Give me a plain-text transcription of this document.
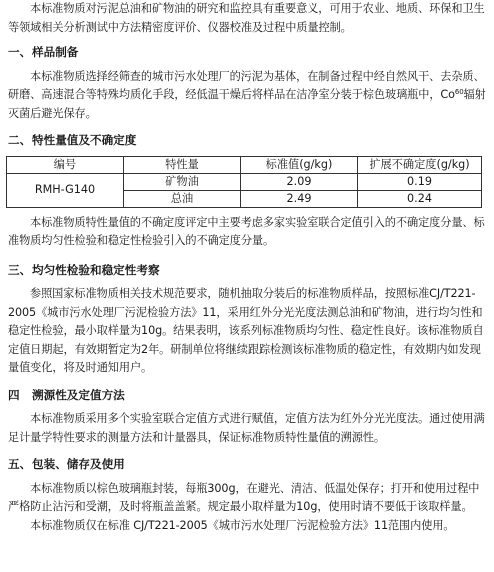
本标准物质对污泥总油和矿物油的研究和监控具有重要意义，可用于农业、地质、环保和卫生等领域相关分析测试中方法精密度评价、仪器校准及过程中质量控制。

一、样品制备

本标准物质选择经筛查的城市污水处理厂的污泥为基体，在制备过程中经自然风干、去杂质、研磨、高速混合等特殊均质化手段，经低温干燥后将样品在洁净室分装于棕色玻璃瓶中，Co$^{60}$辐射灭菌后避光保存。

二、特性量值及不确定度
编号	特性量	标准值(g/kg)	扩展不确定度(g/kg)
RMH-G140	矿物油	2.09	0.19
	总油	2.49	0.24

本标准物质特性量值的不确定度评定中主要考虑多家实验室联合定值引入的不确定度分量、标准物质均匀性检验和稳定性检验引入的不确定度分量。

三、均匀性检验和稳定性考察

参照国家标准物质相关技术规范要求，随机抽取分装后的标准物质样品，按照标准CJ/T221-2005《城市污水处理厂污泥检验方法》11，采用红外分光光度法测总油和矿物油，进行均匀性和稳定性检验，最小取样量为10g。结果表明，该系列标准物质均匀性、稳定性良好。该标准物质自定值日期起，有效期暂定为2年。研制单位将继续跟踪检测该标准物质的稳定性，有效期内如发现量值变化，将及时通知用户。

四 溯源性及定值方法

本标准物质采用多个实验室联合定值方式进行赋值，定值方法为红外分光光度法。通过使用满足计量学特性要求的测量方法和计量器具，保证标准物质特性量值的溯源性。

五、包装、储存及使用

本标准物质以棕色玻璃瓶封装，每瓶300g，在避光、清洁、低温处保存；打开和使用过程中严格防止沾污和受潮，及时将瓶盖盖紧。规定最小取样量为10g，使用时请不要低于该取样量。

本标准物质仅在标准 CJ/T221-2005《城市污水处理厂污泥检验方法》11范围内使用。
